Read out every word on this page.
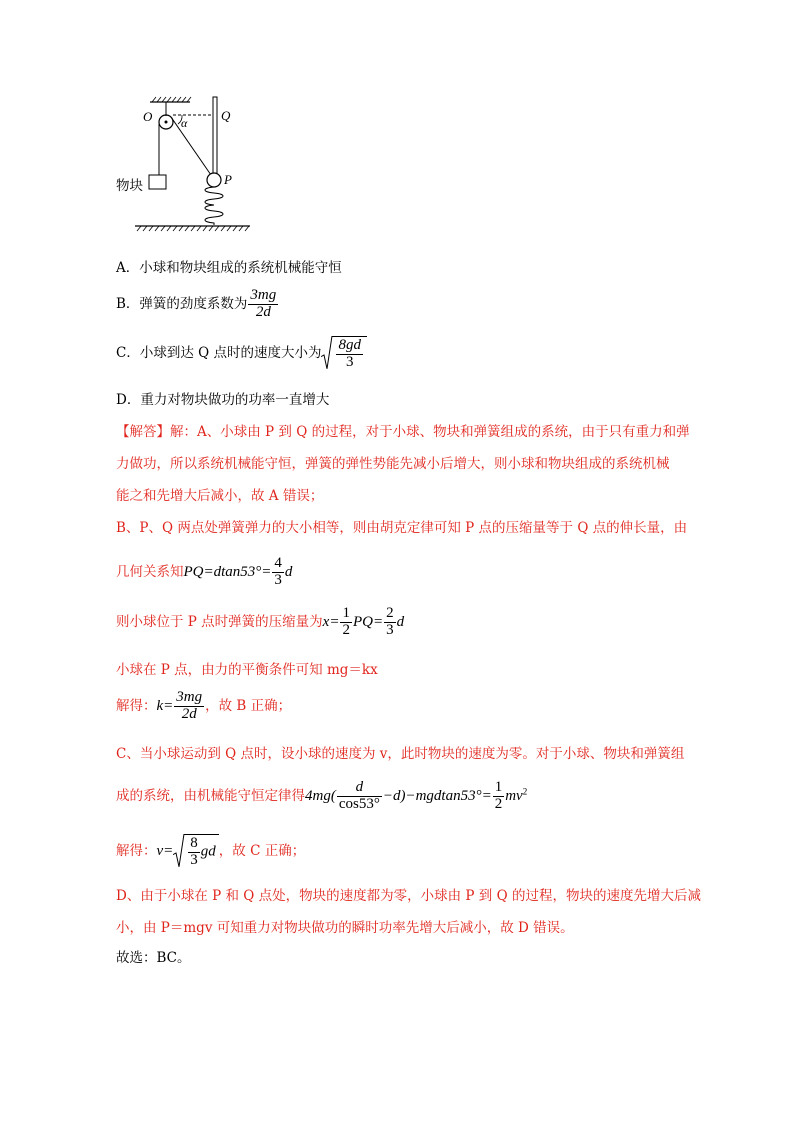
O α	Q
P
物块
A．小球和物块组成的系统机械能守恒
B．弹簧的劲度系数为 $\frac{3mg}{2d}$
C．小球到达 Q 点时的速度大小为 $\frac{8gd}{3}$
D．重力对物块做功的功率一直增大
【解答】解：A、小球由 P 到 Q 的过程，对于小球、物块和弹簧组成的系统，由于只有重力和弹
力做功，所以系统机械能守恒，弹簧的弹性势能先减小后增大，则小球和物块组成的系统机械
能之和先增大后减小，故 A 错误；
B、P、Q 两点处弹簧弹力的大小相等，则由胡克定律可知 P 点的压缩量等于 Q 点的伸长量，由
几何关系知$PQ=dtan53^\circ= \frac{4}{3}$ d
则小球位于 P 点时弹簧的压缩量为$x= \frac{1}{2} PQ= \frac{2}{3}$ d
小球在 P 点，由力的平衡条件可知 mg＝kx
解得：$k= \frac{3mg}{2d}$ ，故 B 正确；
C、当小球运动到 Q 点时，设小球的速度为 v，此时物块的速度为零。对于小球、物块和弹簧组
成的系统，由机械能守恒定律得$4mg( \frac{d}{\cos 53^\circ} -d)-mgdtan53^\circ= \frac{1}{2} mv^2$
解得：$v= \frac{8}{3}$ gd ，故 C 正确；
D、由于小球在 P 和 Q 点处，物块的速度都为零，小球由 P 到 Q 的过程，物块的速度先增大后减
小，由 P＝mgv 可知重力对物块做功的瞬时功率先增大后减小，故 D 错误。
故选：BC。
